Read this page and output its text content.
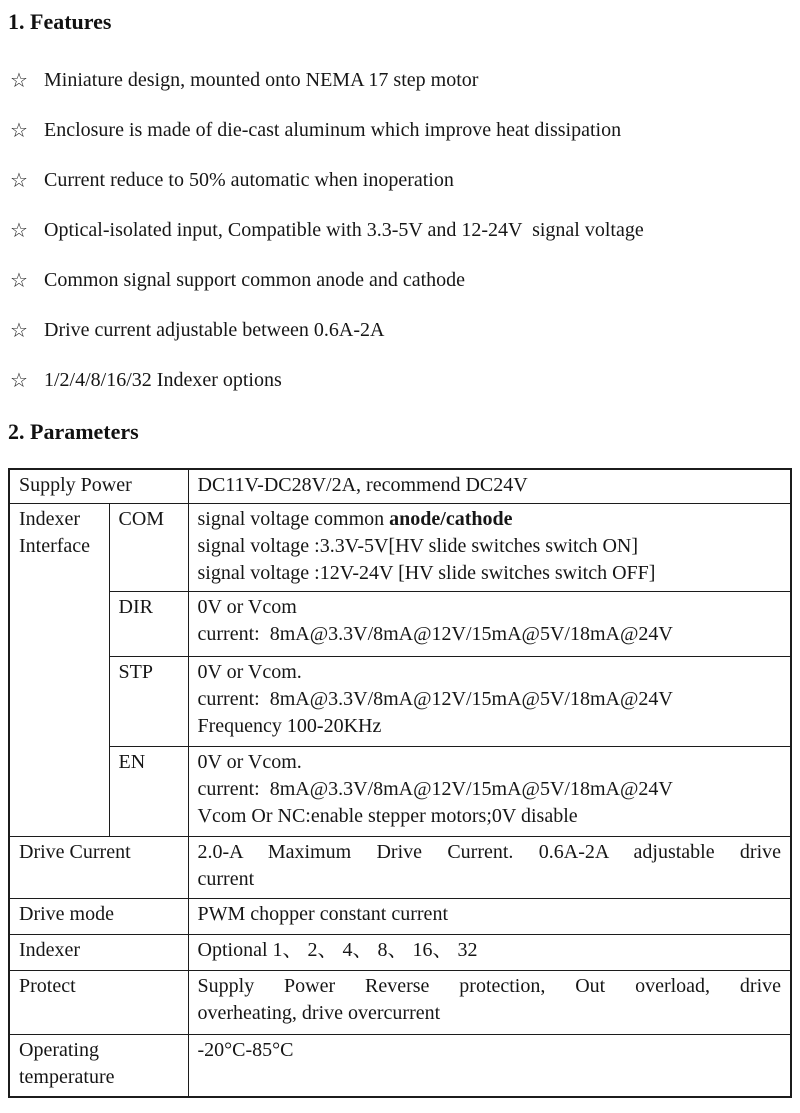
1. Features
☆ Miniature design, mounted onto NEMA 17 step motor
☆ Enclosure is made of die-cast aluminum which improve heat dissipation
☆ Current reduce to 50% automatic when inoperation
☆ Optical-isolated input, Compatible with 3.3-5V and 12-24V  signal voltage
☆ Common signal support common anode and cathode
☆ Drive current adjustable between 0.6A-2A
☆ 1/2/4/8/16/32 Indexer options
2. Parameters
Supply Power		DC11V-DC28V/2A, recommend DC24V

Indexer Interface	COM	signal voltage common anode/cathode
signal voltage :3.3V-5V[HV slide switches switch ON]
signal voltage :12V-24V [HV slide switches switch OFF]

	DIR	0V or Vcom
current:  8mA@3.3V/8mA@12V/15mA@5V/18mA@24V

	STP	0V or Vcom.
current:  8mA@3.3V/8mA@12V/15mA@5V/18mA@24V
Frequency 100-20KHz

	EN	0V or Vcom.
current:  8mA@3.3V/8mA@12V/15mA@5V/18mA@24V
Vcom Or NC:enable stepper motors;0V disable

Drive Current		2.0-A Maximum Drive Current. 0.6A-2A adjustable drive
current

Drive mode		PWM chopper constant current

Indexer		Optional 1、 2、 4、 8、 16、 32

Protect		Supply Power Reverse protection, Out overload, drive
overheating, drive overcurrent

Operating temperature		-20°C-85°C
